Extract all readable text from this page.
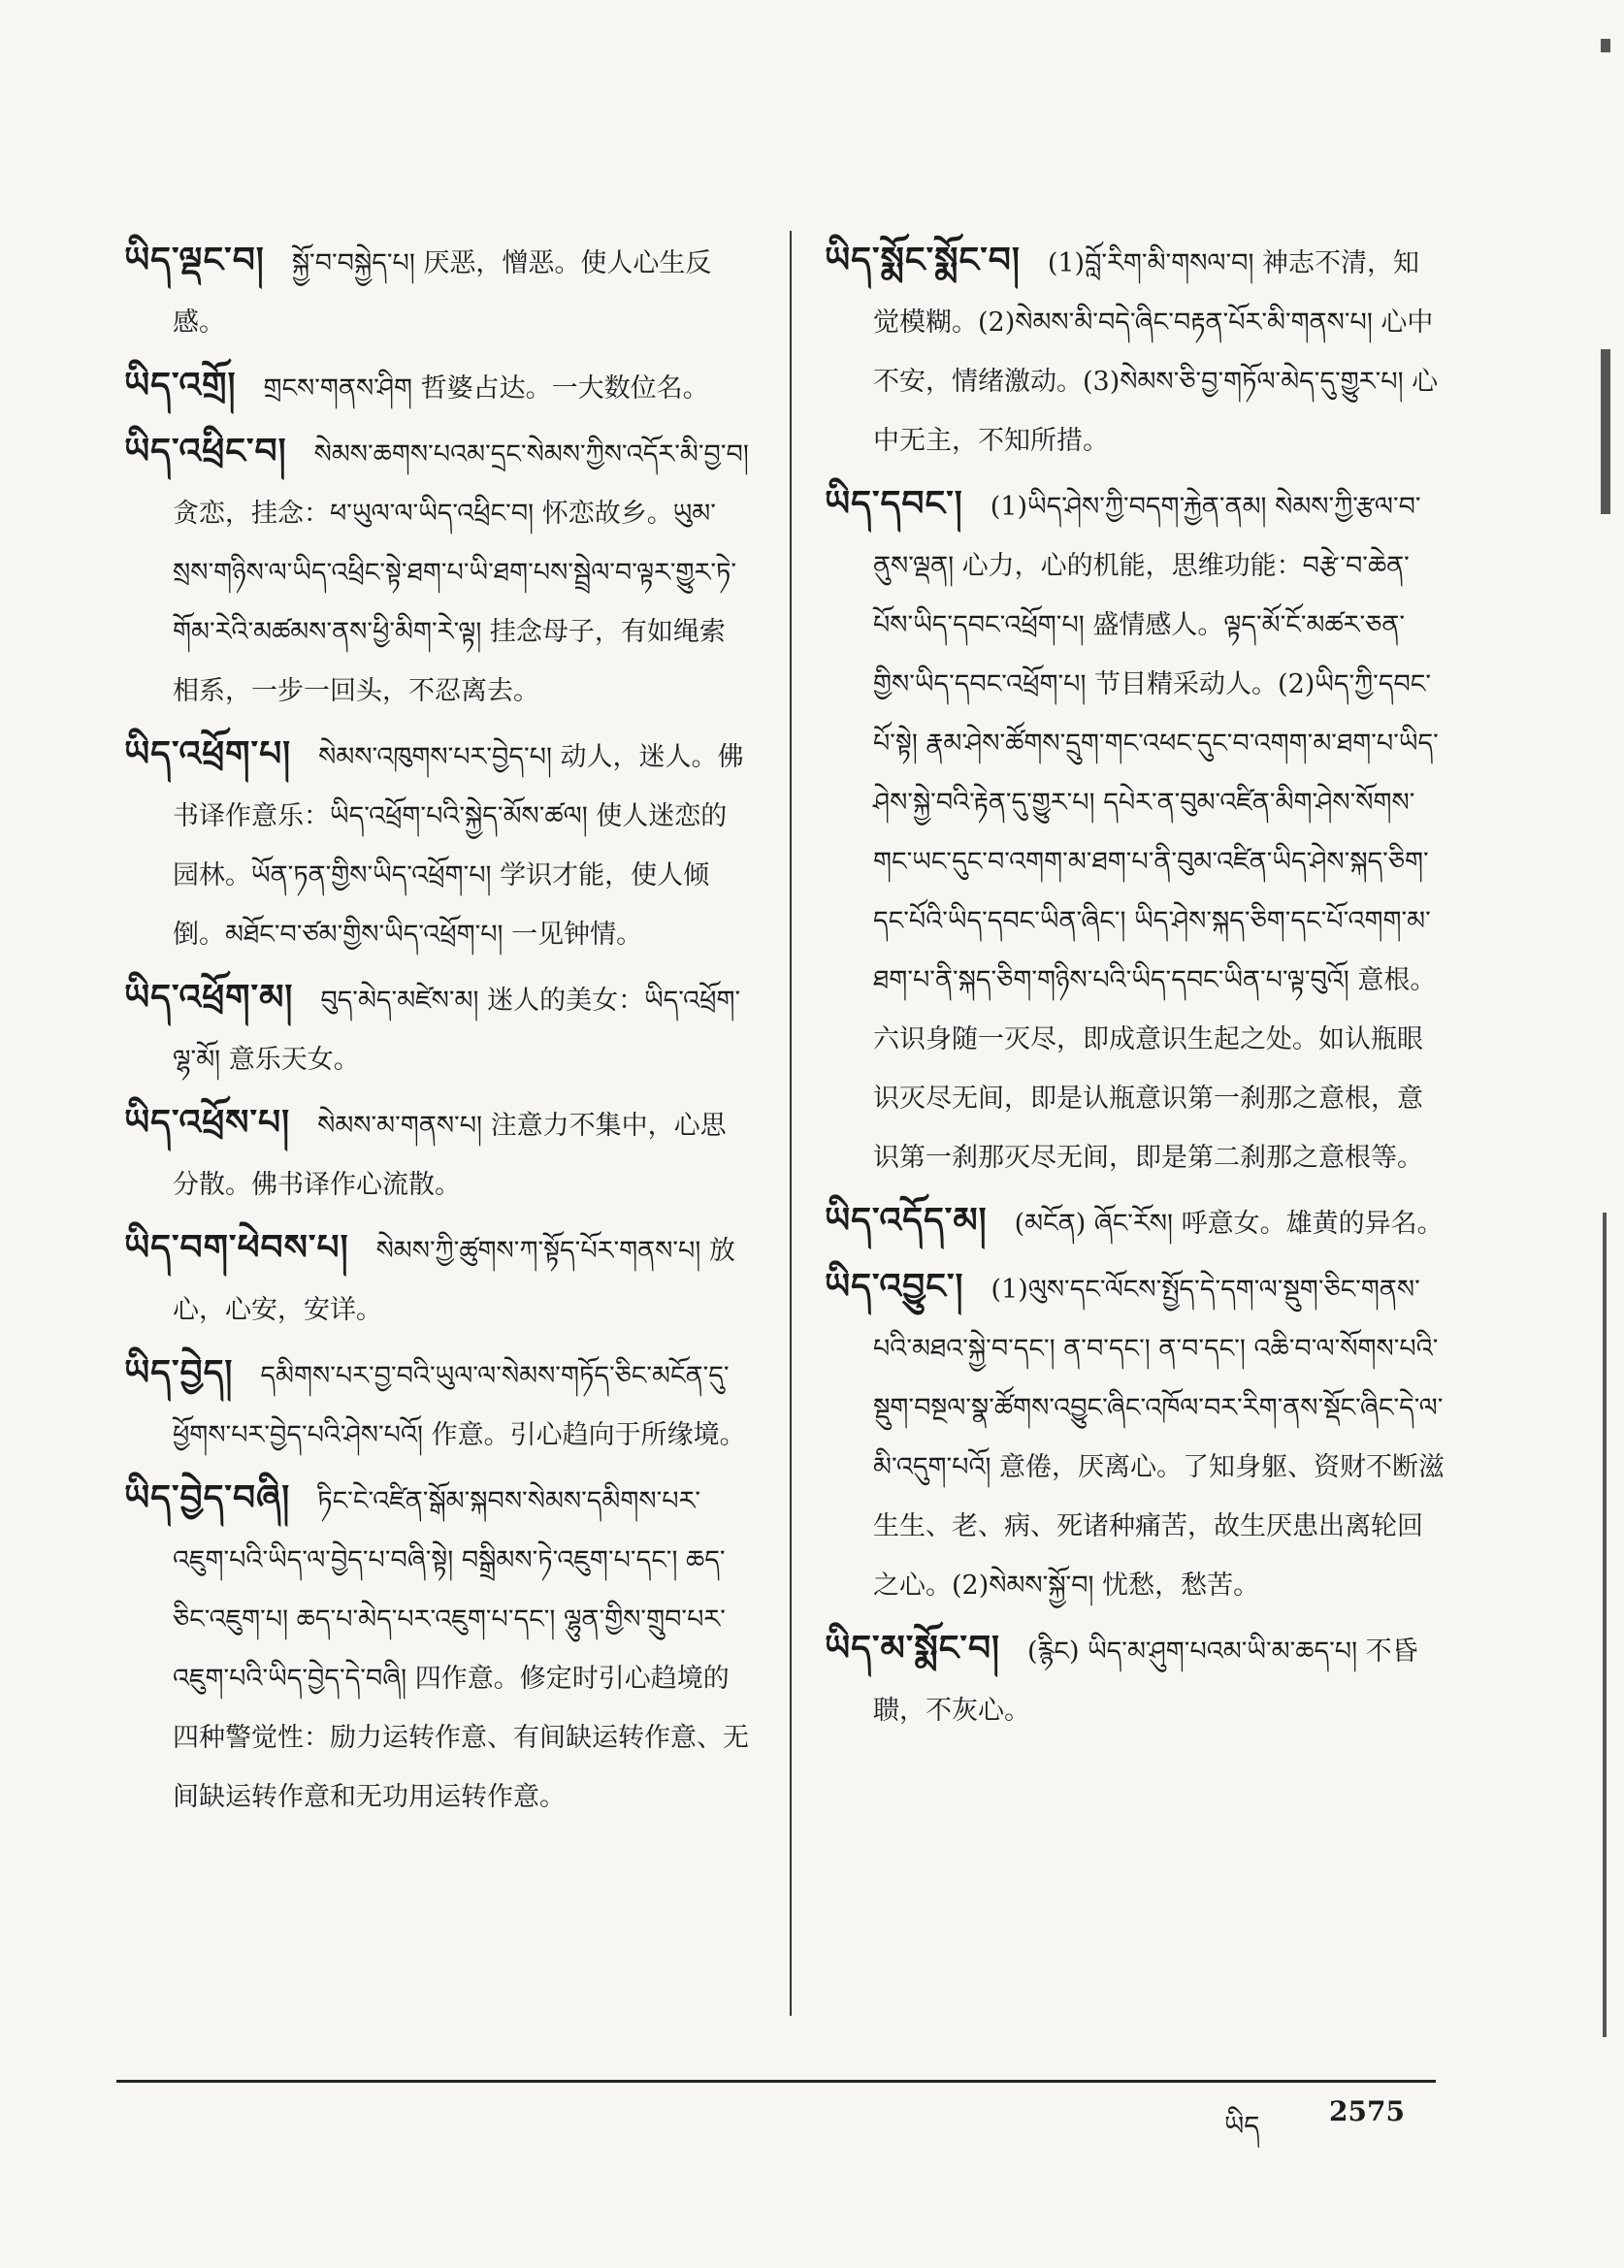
ཡིད་ལྡང་བ། སྐྱོ་བ་བསྐྱེད་པ། 厌恶，憎恶。使人心生反感。

ཡིད་འགྲོ། གྲངས་གནས་ཤིག 哲婆占达。一大数位名。

ཡིད་འཕྲིང་བ། སེམས་ཆགས་པའམ་དྲང་སེམས་ཀྱིས་འདོར་མི་བྱ་བ། 贪恋，挂念：ཕ་ཡུལ་ལ་ཡིད་འཕྲིང་བ། 怀恋故乡。ཡུམ་སྲས་གཉིས་ལ་ཡིད་འཕྲིང་སྟེ་ཐག་པ་ཡི་ཐག་པས་སྦྲེལ་བ་ལྟར་གྱུར་ཏེ་གོམ་རེའི་མཚམས་ནས་ཕྱི་མིག་རེ་ལྟ། 挂念母子，有如绳索相系，一步一回头，不忍离去。

ཡིད་འཕྲོག་པ། སེམས་འཁུགས་པར་བྱེད་པ། 动人，迷人。佛书译作意乐：ཡིད་འཕྲོག་པའི་སྐྱེད་མོས་ཚལ། 使人迷恋的园林。ཡོན་ཏན་གྱིས་ཡིད་འཕྲོག་པ། 学识才能，使人倾倒。མཐོང་བ་ཙམ་གྱིས་ཡིད་འཕྲོག་པ། 一见钟情。

ཡིད་འཕྲོག་མ། བུད་མེད་མཛེས་མ། 迷人的美女：ཡིད་འཕྲོག་ལྷ་མོ། 意乐天女。

ཡིད་འཕྲོས་པ། སེམས་མ་གནས་པ། 注意力不集中，心思分散。佛书译作心流散。

ཡིད་བག་ཕེབས་པ། སེམས་ཀྱི་ཚུགས་ཀ་སྟོད་པོར་གནས་པ། 放心，心安，安详。

ཡིད་བྱེད། དམིགས་པར་བྱ་བའི་ཡུལ་ལ་སེམས་གཏོད་ཅིང་མངོན་དུ་ཕྱོགས་པར་བྱེད་པའི་ཤེས་པའོ། 作意。引心趋向于所缘境。

ཡིད་བྱེད་བཞི། ཏིང་ངེ་འཛིན་སྒོམ་སྐབས་སེམས་དམིགས་པར་འཇུག་པའི་ཡིད་ལ་བྱེད་པ་བཞི་སྟེ། བསྒྲིམས་ཏེ་འཇུག་པ་དང་། ཆད་ཅིང་འཇུག་པ། ཆད་པ་མེད་པར་འཇུག་པ་དང་། ལྷུན་གྱིས་གྲུབ་པར་འཇུག་པའི་ཡིད་བྱེད་དེ་བཞི། 四作意。修定时引心趋境的四种警觉性：励力运转作意、有间缺运转作意、无间缺运转作意和无功用运转作意。

ཡིད་སྨོང་སྨོང་བ། (1)བློ་རིག་མི་གསལ་བ། 神志不清，知觉模糊。(2)སེམས་མི་བདེ་ཞིང་བརྟན་པོར་མི་གནས་པ། 心中不安，情绪激动。(3)སེམས་ཅི་བྱ་གཏོལ་མེད་དུ་གྱུར་པ། 心中无主，不知所措。

ཡིད་དབང་། (1)ཡིད་ཤེས་ཀྱི་བདག་རྐྱེན་ནམ། སེམས་ཀྱི་རྩལ་བ་ནུས་ལྡན། 心力，心的机能，思维功能：བརྩེ་བ་ཆེན་པོས་ཡིད་དབང་འཕྲོག་པ། 盛情感人。ལྟད་མོ་ངོ་མཚར་ཅན་གྱིས་ཡིད་དབང་འཕྲོག་པ། 节目精采动人。(2)ཡིད་ཀྱི་དབང་པོ་སྟེ། རྣམ་ཤེས་ཚོགས་དྲུག་གང་འཕང་དུང་བ་འགག་མ་ཐག་པ་ཡིད་ཤེས་སྐྱེ་བའི་རྟེན་དུ་གྱུར་པ། དཔེར་ན་བུམ་འཛིན་མིག་ཤེས་སོགས་གང་ཡང་དུང་བ་འགག་མ་ཐག་པ་ནི་བུམ་འཛིན་ཡིད་ཤེས་སྐད་ཅིག་དང་པོའི་ཡིད་དབང་ཡིན་ཞིང་། ཡིད་ཤེས་སྐད་ཅིག་དང་པོ་འགག་མ་ཐག་པ་ནི་སྐད་ཅིག་གཉིས་པའི་ཡིད་དབང་ཡིན་པ་ལྟ་བུའོ། 意根。六识身随一灭尽，即成意识生起之处。如认瓶眼识灭尽无间，即是认瓶意识第一刹那之意根，意识第一刹那灭尽无间，即是第二刹那之意根等。

ཡིད་འདོད་མ། (མངོན) ཞོང་རོས། 呼意女。雄黄的异名。

ཡིད་འབྱུང་། (1)ལུས་དང་ལོངས་སྤྱོད་དེ་དག་ལ་སྡུག་ཅིང་གནས་པའི་མཐའ་སྐྱེ་བ་དང་། ན་བ་དང་། ན་བ་དང་། འཆི་བ་ལ་སོགས་པའི་སྡུག་བསྔལ་སྣ་ཚོགས་འབྱུང་ཞིང་འཁོལ་བར་རིག་ནས་སྡོང་ཞིང་དེ་ལ་མི་འདུག་པའོ། 意倦，厌离心。了知身躯、资财不断滋生生、老、病、死诸种痛苦，故生厌患出离轮回之心。(2)སེམས་སྐྱོ་བ། 忧愁，愁苦。

ཡིད་མ་སྨོང་བ། (རྙིང) ཡིད་མ་ཤུག་པའམ་ཡི་མ་ཆད་པ། 不昏聩，不灰心。

ཡིད	2575
